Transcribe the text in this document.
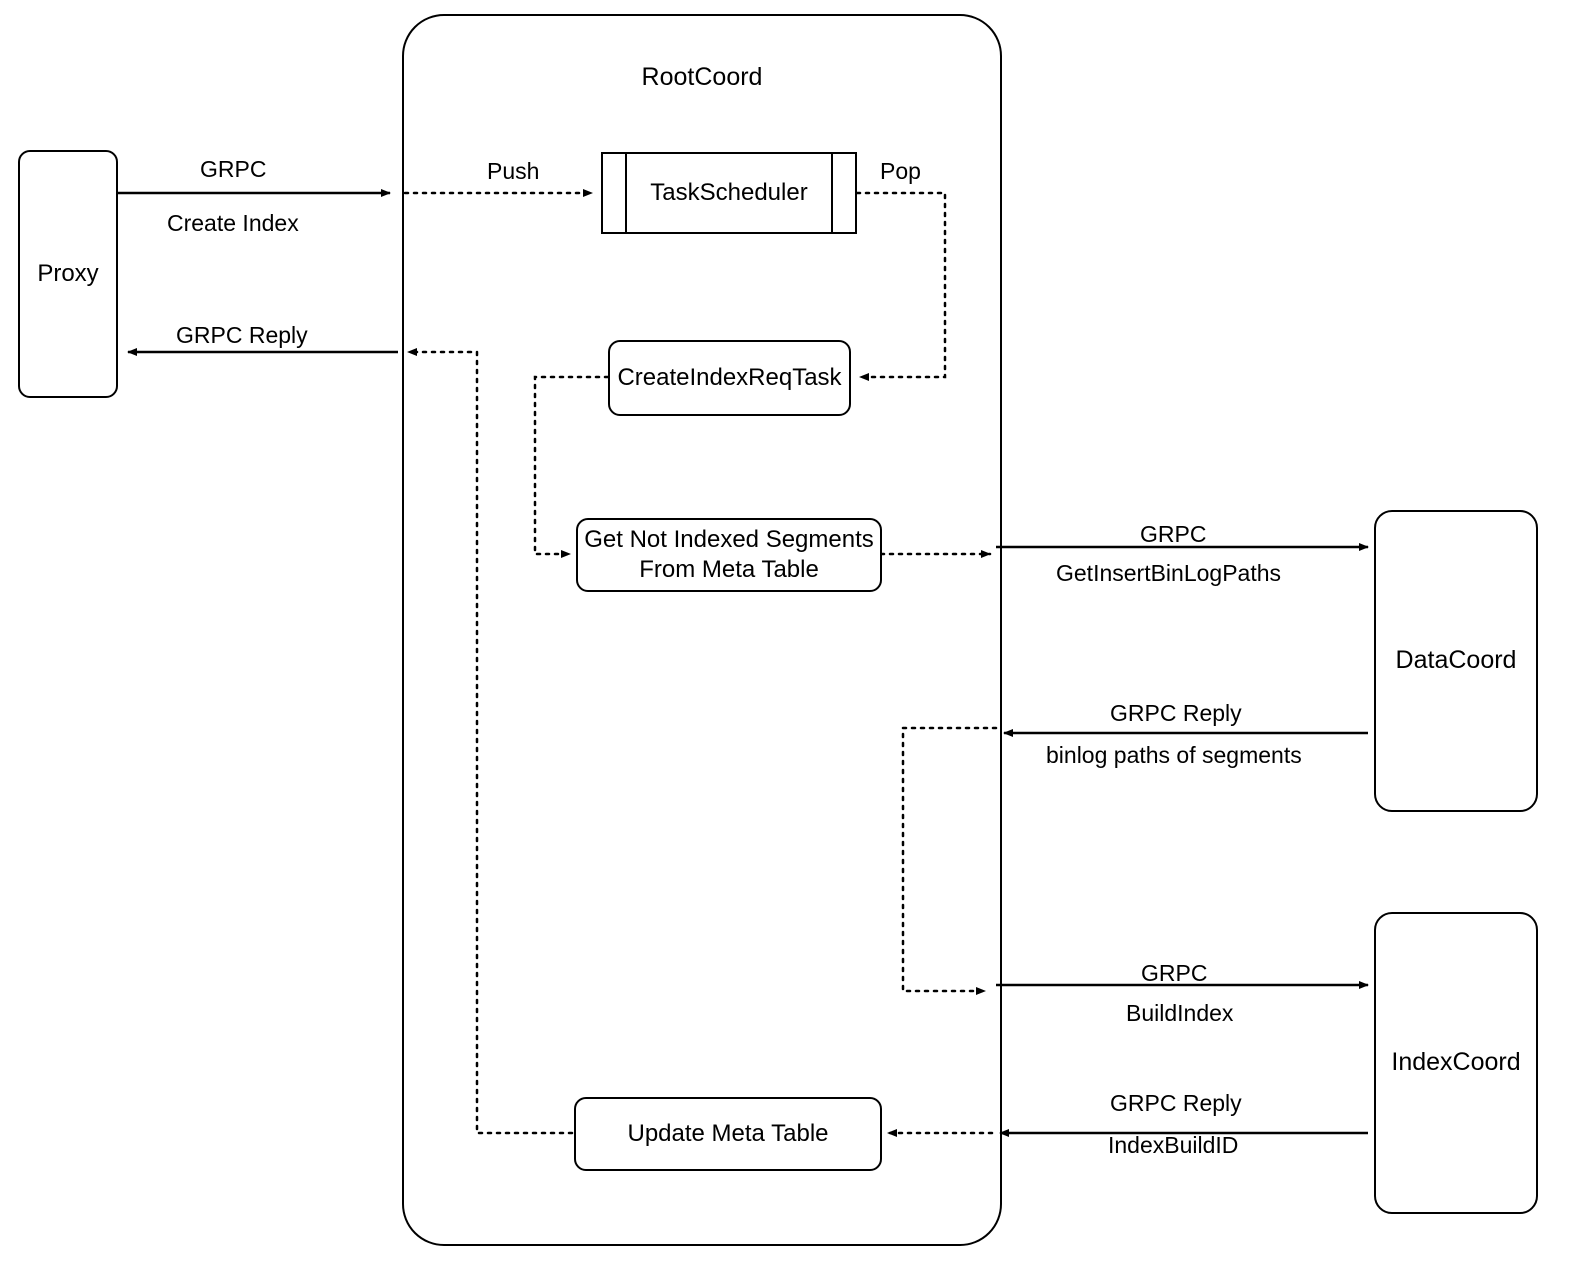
RootCoord
Proxy
TaskScheduler
CreateIndexReqTask
Get Not Indexed Segments
From Meta Table
Update Meta Table
DataCoord
IndexCoord
GRPC
Create Index
Push	Pop
GRPC Reply
GRPC
GetInsertBinLogPaths
GRPC Reply
binlog paths of segments
GRPC
BuildIndex
GRPC Reply
IndexBuildID
